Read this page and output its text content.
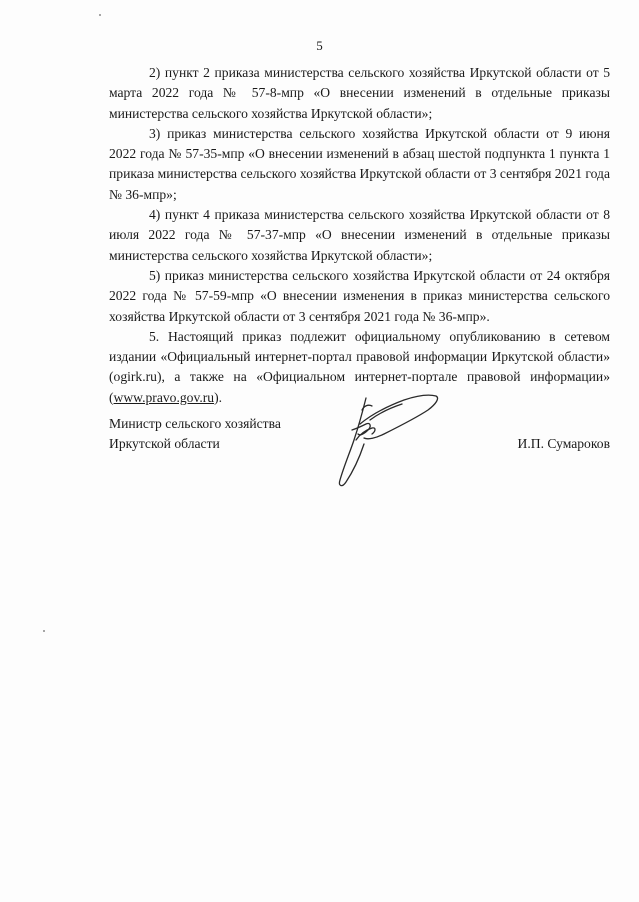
5

2) пункт 2 приказа министерства сельского хозяйства Иркутской области от 5 марта 2022 года № 57-8-мпр «О внесении изменений в отдельные приказы министерства сельского хозяйства Иркутской области»;

3) приказ министерства сельского хозяйства Иркутской области от 9 июня 2022 года № 57-35-мпр «О внесении изменений в абзац шестой подпункта 1 пункта 1 приказа министерства сельского хозяйства Иркутской области от 3 сентября 2021 года № 36-мпр»;

4) пункт 4 приказа министерства сельского хозяйства Иркутской области от 8 июля 2022 года № 57-37-мпр «О внесении изменений в отдельные приказы министерства сельского хозяйства Иркутской области»;

5) приказ министерства сельского хозяйства Иркутской области от 24 октября 2022 года № 57-59-мпр «О внесении изменения в приказ министерства сельского хозяйства Иркутской области от 3 сентября 2021 года № 36-мпр».

5. Настоящий приказ подлежит официальному опубликованию в сетевом издании «Официальный интернет-портал правовой информации Иркутской области» (ogirk.ru), а также на «Официальном интернет-портале правовой информации» (www.pravo.gov.ru).

Министр сельского хозяйства
Иркутской области	И.П. Сумароков
